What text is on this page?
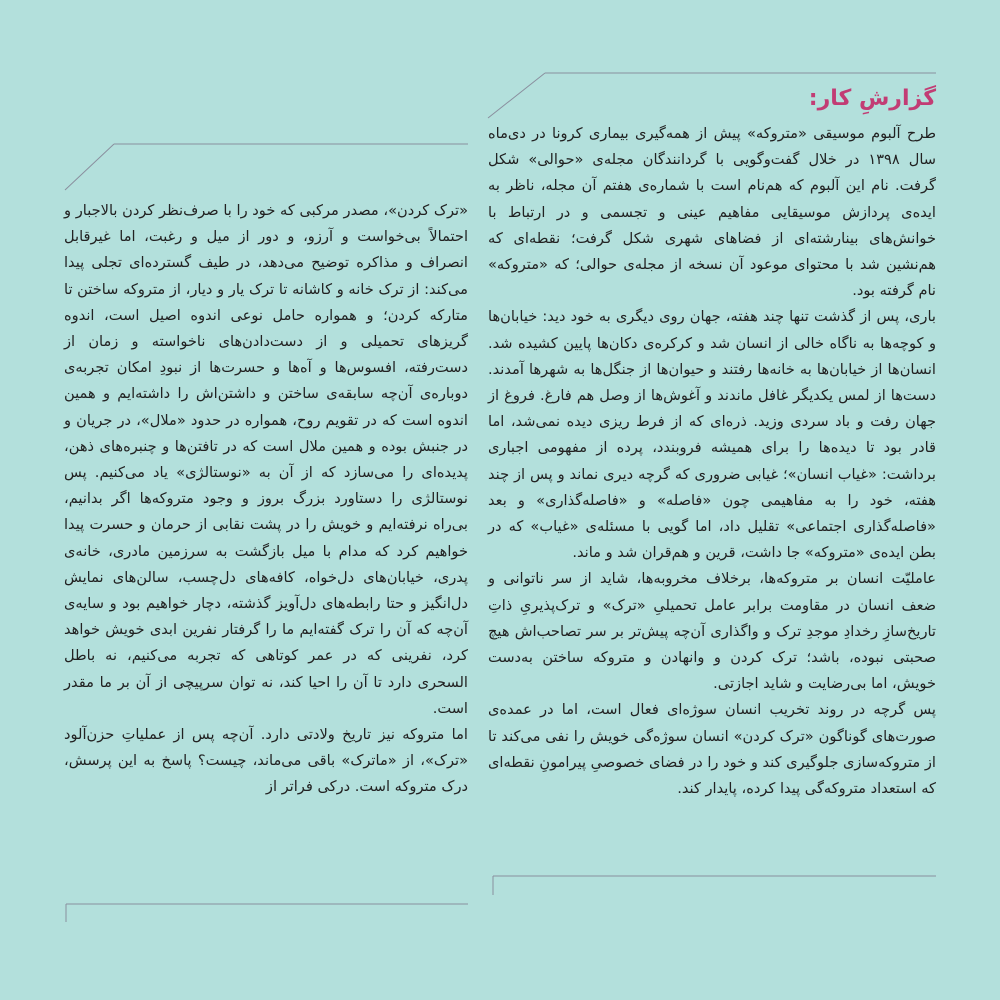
گزارشِ کار:

طرح آلبوم موسیقی «متروکه» پیش از همه‌گیری بیماری کرونا در دی‌ماه سال ۱۳۹۸ در خلال گفت‌وگویی با گردانندگان مجله‌ی «حوالی» شکل گرفت. نام این آلبوم که هم‌نام است با شماره‌ی هفتم آن مجله، ناظر به ایده‌ی پردازش موسیقایی مفاهیم عینی و تجسمی و در ارتباط با خوانش‌های بینارشته‌ای از فضاهای شهری شکل گرفت؛ نقطه‌ای که هم‌نشین شد با محتوای موعود آن نسخه از مجله‌ی حوالی؛ که «متروکه» نام گرفته بود.

باری، پس از گذشت تنها چند هفته، جهان روی دیگری به خود دید: خیابان‌ها و کوچه‌ها به ناگاه خالی از انسان شد و کرکره‌ی دکان‌ها پایین کشیده شد. انسان‌ها از خیابان‌ها به خانه‌ها رفتند و حیوان‌ها از جنگل‌ها به شهرها آمدند. دست‌ها از لمس یکدیگر غافل ماندند و آغوش‌ها از وصل هم فارغ. فروغ از جهان رفت و باد سردی وزید. ذره‌ای که از فرط ریزی دیده نمی‌شد، اما قادر بود تا دیده‌ها را برای همیشه فروبندد، پرده از مفهومی اجباری برداشت: «غیاب انسان»؛ غیابی ضروری که گرچه دیری نماند و پس از چند هفته، خود را به مفاهیمی چون «فاصله» و «فاصله‌گذاری» و بعد «فاصله‌گذاری اجتماعی» تقلیل داد، اما گویی با مسئله‌ی «غیاب» که در بطن ایده‌ی «متروکه» جا داشت، قرین و هم‌قران شد و ماند.

عاملیّت انسان بر متروکه‌ها، برخلاف مخروبه‌ها، شاید از سر ناتوانی و ضعف انسان در مقاومت برابر عامل تحمیلیِ «ترک» و ترک‌پذیریِ ذاتِ تاریخ‌سازِ رخدادِ موجدِ ترک و واگذاری آن‌چه پیش‌تر بر سر تصاحب‌اش هیچ صحبتی نبوده، باشد؛ ترک کردن و وانهادن و متروکه ساختن به‌دست خویش، اما بی‌رضایت و شاید اجازتی.

پس گرچه در روند تخریب انسان سوژه‌ای فعال است، اما در عمده‌ی صورت‌های گوناگون «ترک کردن» انسان سوژه‌گی خویش را نفی می‌کند تا از متروکه‌سازی جلوگیری کند و خود را در فضای خصوصیِ پیرامونِ نقطه‌ای که استعداد متروکه‌گی پیدا کرده، پایدار کند.

«ترک کردن»، مصدر مرکبی که خود را با صرف‌نظر کردن بالاجبار و احتمالاً بی‌خواست و آرزو، و دور از میل و رغبت، اما غیرقابل انصراف و مذاکره توضیح می‌دهد، در طیف گسترده‌ای تجلی پیدا می‌کند: از ترک خانه و کاشانه تا ترک یار و دیار، از متروکه ساختن تا متارکه کردن؛ و همواره حامل نوعی اندوه اصیل است، اندوه گریزهای تحمیلی و از دست‌دادن‌های ناخواسته و زمان از دست‌رفته، افسوس‌ها و آه‌ها و حسرت‌ها از نبودِ امکان تجربه‌ی دوباره‌ی آن‌چه سابقه‌ی ساختن و داشتن‌اش را داشته‌ایم و همین اندوه است که در تقویم روح، همواره در حدود «ملال»، در جریان و در جنبش بوده و همین ملال است که در تافتن‌ها و چنبره‌های ذهن، پدیده‌ای را می‌سازد که از آن به «نوستالژی» یاد می‌کنیم. پس نوستالژی را دستاورد بزرگ بروز و وجود متروکه‌ها اگر بدانیم، بی‌راه نرفته‌ایم و خویش را در پشت نقابی از حرمان و حسرت پیدا خواهیم کرد که مدام با میل بازگشت به سرزمین مادری، خانه‌ی پدری، خیابان‌های دل‌خواه، کافه‌های دل‌چسب، سالن‌های نمایش دل‌انگیز و حتا رابطه‌های دل‌آویز گذشته، دچار خواهیم بود و سایه‌ی آن‌چه که آن را ترک گفته‌ایم ما را گرفتار نفرین ابدی خویش خواهد کرد، نفرینی که در عمر کوتاهی که تجربه می‌کنیم، نه باطل السحری دارد تا آن را احیا کند، نه توان سرپیچی از آن بر ما مقدر است.

اما متروکه نیز تاریخ ولادتی دارد. آن‌چه پس از عملیاتِ حزن‌آلود «ترک»، از «ماترک» باقی می‌ماند، چیست؟ پاسخ به این پرسش، درک متروکه است. درکی فراتر از
